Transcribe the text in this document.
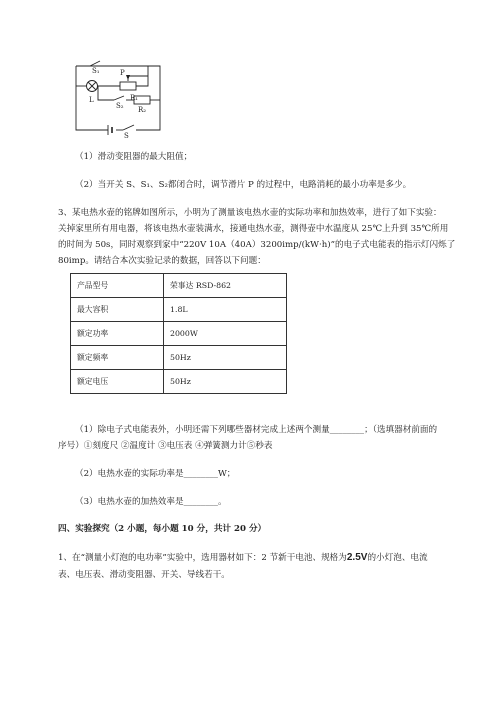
S₁	P
R₁
L
S₂ R₂
S
（1）滑动变阻器的最大阻值；
（2）当开关 S、S₁、S₂都闭合时，调节滑片 P 的过程中，电路消耗的最小功率是多少。
3、某电热水壶的铭牌如图所示，小明为了测量该电热水壶的实际功率和加热效率，进行了如下实验：
关掉家里所有用电器，将该电热水壶装满水，接通电热水壶，测得壶中水温度从 25℃上升到 35℃所用
的时间为 50s，同时观察到家中“220V 10A（40A）3200imp/(kW·h)”的电子式电能表的指示灯闪烁了
80imp。请结合本次实验记录的数据，回答以下问题：
产品型号	荣事达 RSD-862
最大容积	1.8L
额定功率	2000W
额定频率	50Hz
额定电压	50Hz
（1）除电子式电能表外，小明还需下列哪些器材完成上述两个测量________；（选填器材前面的
序号）①刻度尺 ②温度计 ③电压表 ④弹簧测力计⑤秒表
（2）电热水壶的实际功率是________W；
（3）电热水壶的加热效率是________。
四、实验探究（2 小题，每小题 10 分，共计 20 分）
1、在“测量小灯泡的电功率”实验中，选用器材如下：2 节新干电池、规格为2.5V的小灯泡、电流
表、电压表、滑动变阻器、开关、导线若干。
